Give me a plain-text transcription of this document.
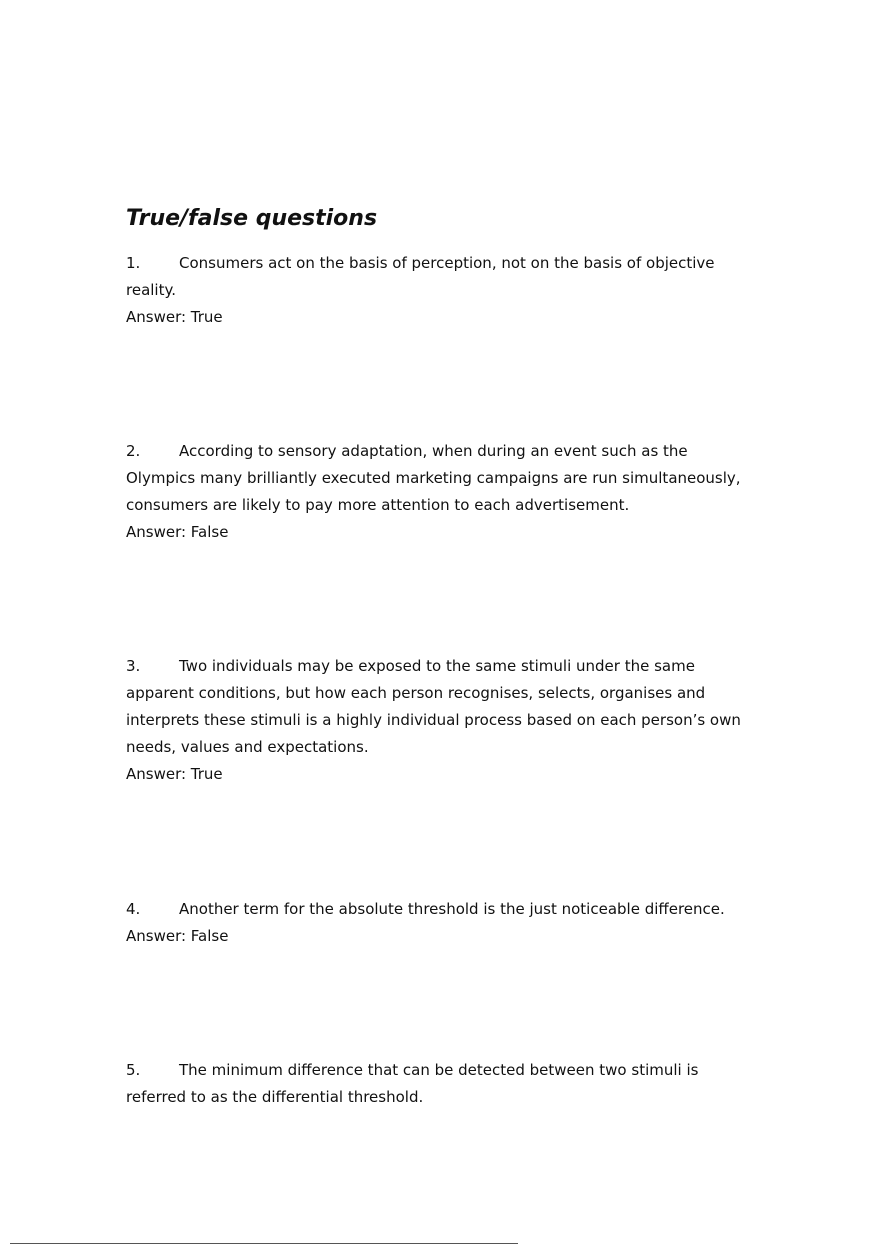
True/false questions

1.	Consumers act on the basis of perception, not on the basis of objective reality.

Answer: True

2.	According to sensory adaptation, when during an event such as the Olympics many brilliantly executed marketing campaigns are run simultaneously, consumers are likely to pay more attention to each advertisement.

Answer: False

3.	Two individuals may be exposed to the same stimuli under the same apparent conditions, but how each person recognises, selects, organises and interprets these stimuli is a highly individual process based on each person’s own needs, values and expectations.

Answer: True

4.	Another term for the absolute threshold is the just noticeable difference.

Answer: False

5.	The minimum difference that can be detected between two stimuli is referred to as the differential threshold.
